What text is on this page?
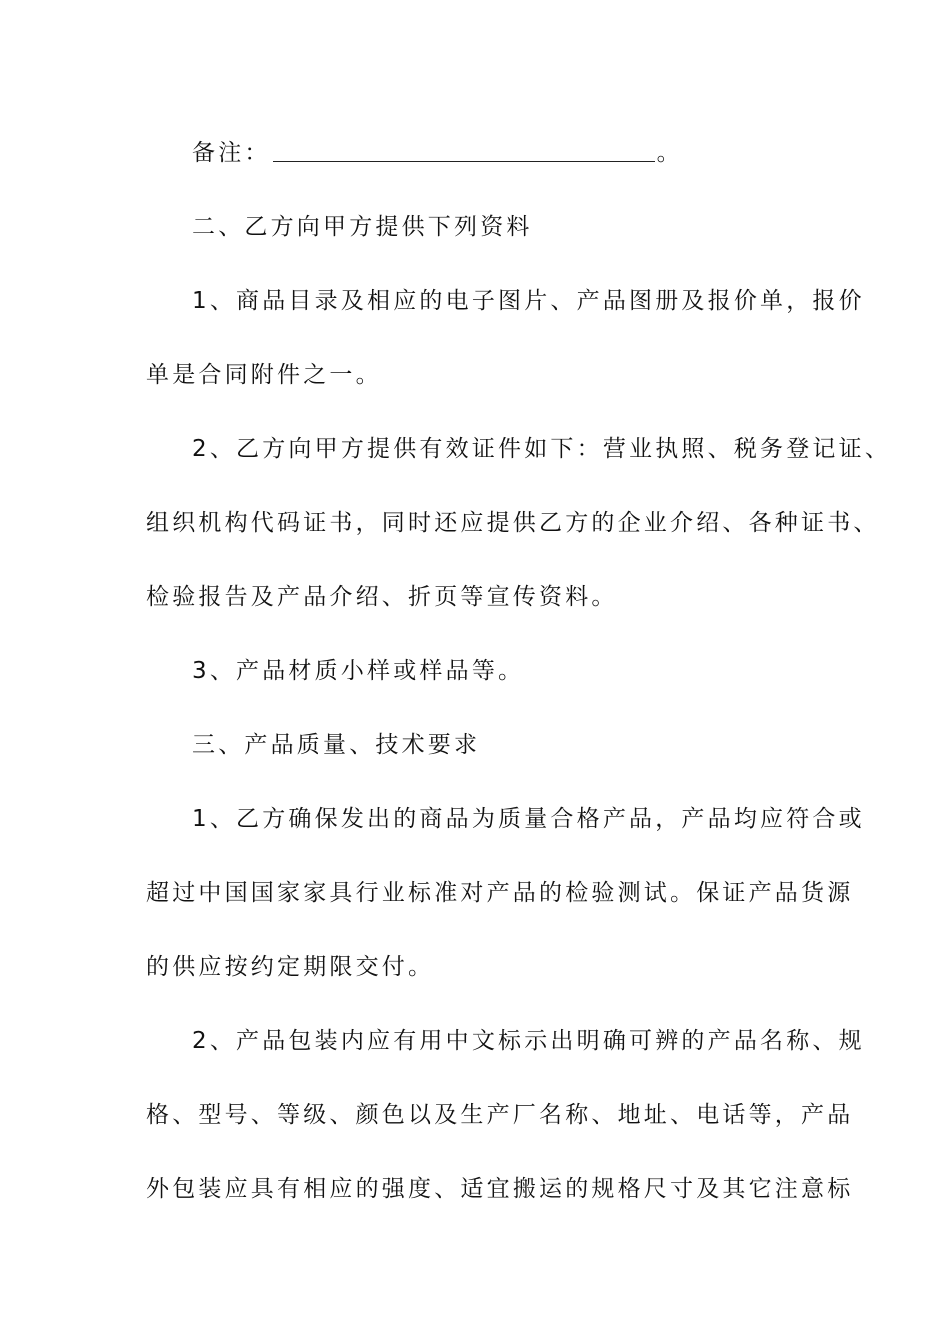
备注：	。
二、乙方向甲方提供下列资料
1、商品目录及相应的电子图片、产品图册及报价单，报价
单是合同附件之一。
2、乙方向甲方提供有效证件如下：营业执照、税务登记证、
组织机构代码证书，同时还应提供乙方的企业介绍、各种证书、
检验报告及产品介绍、折页等宣传资料。
3、产品材质小样或样品等。
三、产品质量、技术要求
1、乙方确保发出的商品为质量合格产品，产品均应符合或
超过中国国家家具行业标准对产品的检验测试。保证产品货源
的供应按约定期限交付。
2、产品包装内应有用中文标示出明确可辨的产品名称、规
格、型号、等级、颜色以及生产厂名称、地址、电话等，产品
外包装应具有相应的强度、适宜搬运的规格尺寸及其它注意标
